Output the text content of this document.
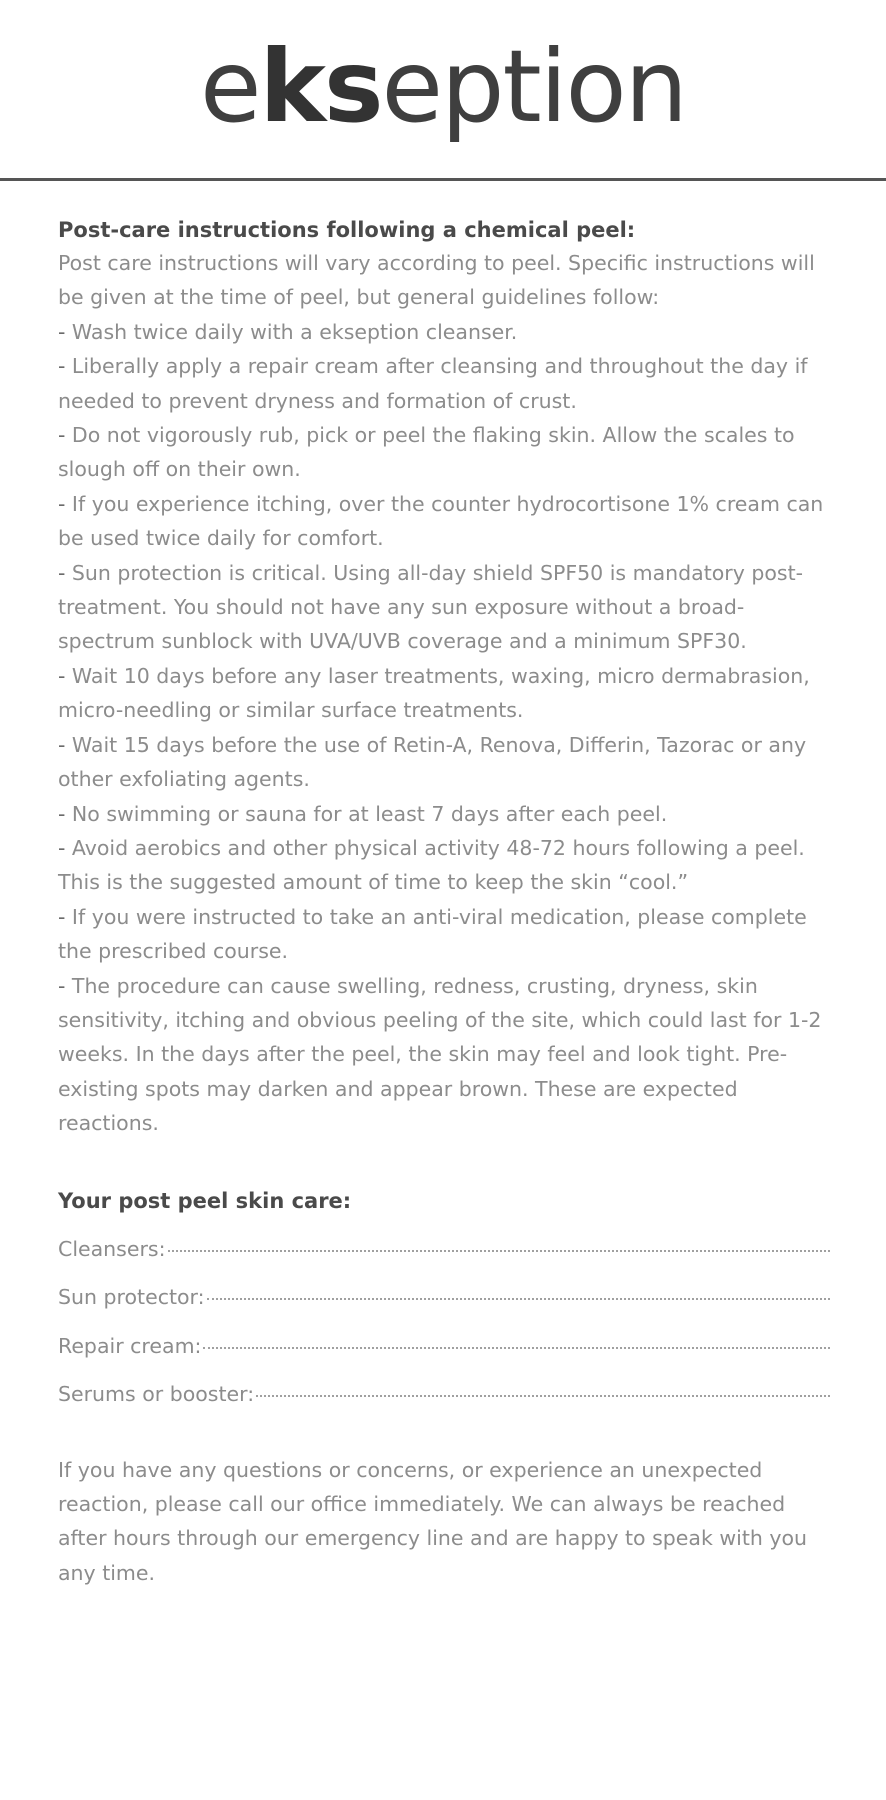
ekseption
Post-care instructions following a chemical peel:

Post care instructions will vary according to peel. Specific instructions will be given at the time of peel, but general guidelines follow:

- Wash twice daily with a ekseption cleanser.

- Liberally apply a repair cream after cleansing and throughout the day if needed to prevent dryness and formation of crust.

- Do not vigorously rub, pick or peel the flaking skin. Allow the scales to slough off on their own.

- If you experience itching, over the counter hydrocortisone 1% cream can be used twice daily for comfort.

- Sun protection is critical. Using all-day shield SPF50 is mandatory post-treatment. You should not have any sun exposure without a broad-spectrum sunblock with UVA/UVB coverage and a minimum SPF30.

- Wait 10 days before any laser treatments, waxing, micro dermabrasion, micro-needling or similar surface treatments.

- Wait 15 days before the use of Retin-A, Renova, Differin, Tazorac or any other exfoliating agents.

- No swimming or sauna for at least 7 days after each peel.

- Avoid aerobics and other physical activity 48-72 hours following a peel. This is the suggested amount of time to keep the skin “cool.”

- If you were instructed to take an anti-viral medication, please complete the prescribed course.

- The procedure can cause swelling, redness, crusting, dryness, skin sensitivity, itching and obvious peeling of the site, which could last for 1-2 weeks. In the days after the peel, the skin may feel and look tight. Pre-existing spots may darken and appear brown. These are expected reactions.

Your post peel skin care:
Cleansers:
Sun protector:
Repair cream:
Serums or booster:

If you have any questions or concerns, or experience an unexpected reaction, please call our office immediately. We can always be reached after hours through our emergency line and are happy to speak with you any time.
